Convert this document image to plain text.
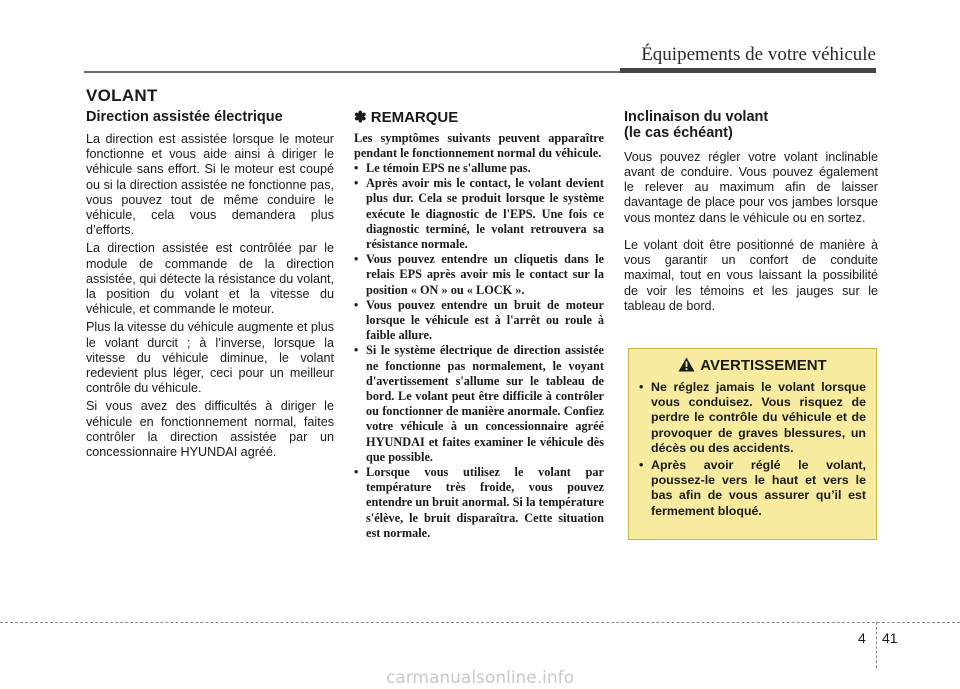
Équipements de votre véhicule
VOLANT
Direction assistée électrique

La direction est assistée lorsque le moteur fonctionne et vous aide ainsi à diriger le véhicule sans effort. Si le moteur est coupé ou si la direction assistée ne fonctionne pas, vous pouvez tout de même conduire le véhicule, cela vous demandera plus d’efforts.

La direction assistée est contrôlée par le module de commande de la direction assistée, qui détecte la résistance du volant, la position du volant et la vitesse du véhicule, et commande le moteur.

Plus la vitesse du véhicule augmente et plus le volant durcit ; à l’inverse, lorsque la vitesse du véhicule diminue, le volant redevient plus léger, ceci pour un meilleur contrôle du véhicule.

Si vous avez des difficultés à diriger le véhicule en fonctionnement normal, faites contrôler la direction assistée par un concessionnaire HYUNDAI agréé.

✽ REMARQUE

Les symptômes suivants peuvent apparaître pendant le fonctionnement normal du véhicule.

• Le témoin EPS ne s'allume pas.
• Après avoir mis le contact, le volant devient plus dur. Cela se produit lorsque le système exécute le diagnostic de l'EPS. Une fois ce diagnostic terminé, le volant retrouvera sa résistance normale.
• Vous pouvez entendre un cliquetis dans le relais EPS après avoir mis le contact sur la position « ON » ou « LOCK ».
• Vous pouvez entendre un bruit de moteur lorsque le véhicule est à l'arrêt ou roule à faible allure.
• Si le système électrique de direction assistée ne fonctionne pas normalement, le voyant d'avertissement s'allume sur le tableau de bord. Le volant peut être difficile à contrôler ou fonctionner de manière anormale. Confiez votre véhicule à un concessionnaire agréé HYUNDAI et faites examiner le véhicule dès que possible.
• Lorsque vous utilisez le volant par température très froide, vous pouvez entendre un bruit anormal. Si la température s'élève, le bruit disparaîtra. Cette situation est normale.
Inclinaison du volant
(le cas échéant)

Vous pouvez régler votre volant inclinable avant de conduire. Vous pouvez également le relever au maximum afin de laisser davantage de place pour vos jambes lorsque vous montez dans le véhicule ou en sortez.

Le volant doit être positionné de manière à vous garantir un confort de conduite maximal, tout en vous laissant la possibilité de voir les témoins et les jauges sur le tableau de bord.

AVERTISSEMENT
• Ne réglez jamais le volant lorsque vous conduisez. Vous risquez de perdre le contrôle du véhicule et de provoquer de graves blessures, un décès ou des accidents.
• Après avoir réglé le volant, poussez-le vers le haut et vers le bas afin de vous assurer qu’il est fermement bloqué.
4 41
carmanualsonline.info
